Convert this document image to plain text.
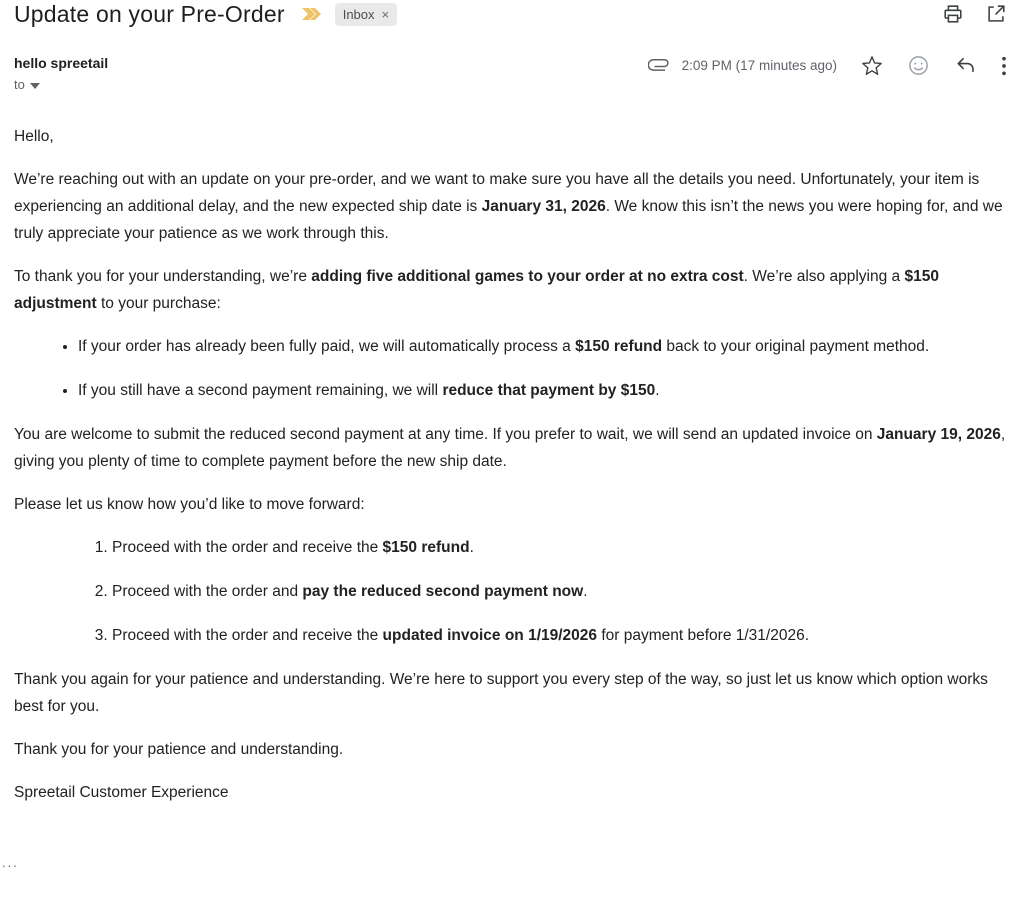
Update on your Pre-Order	Inbox ×
hello spreetail
to
2:09 PM (17 minutes ago)

Hello,

We’re reaching out with an update on your pre-order, and we want to make sure you have all the details you need. Unfortunately, your item is experiencing an additional delay, and the new expected ship date is January 31, 2026. We know this isn’t the news you were hoping for, and we truly appreciate your patience as we work through this.

To thank you for your understanding, we’re adding five additional games to your order at no extra cost. We’re also applying a $150 adjustment to your purchase:

• If your order has already been fully paid, we will automatically process a $150 refund back to your original payment method.
• If you still have a second payment remaining, we will reduce that payment by $150.

You are welcome to submit the reduced second payment at any time. If you prefer to wait, we will send an updated invoice on January 19, 2026, giving you plenty of time to complete payment before the new ship date.

Please let us know how you’d like to move forward:

1. Proceed with the order and receive the $150 refund.
2. Proceed with the order and pay the reduced second payment now.
3. Proceed with the order and receive the updated invoice on 1/19/2026 for payment before 1/31/2026.

Thank you again for your patience and understanding. We’re here to support you every step of the way, so just let us know which option works best for you.

Thank you for your patience and understanding.

Spreetail Customer Experience

...
